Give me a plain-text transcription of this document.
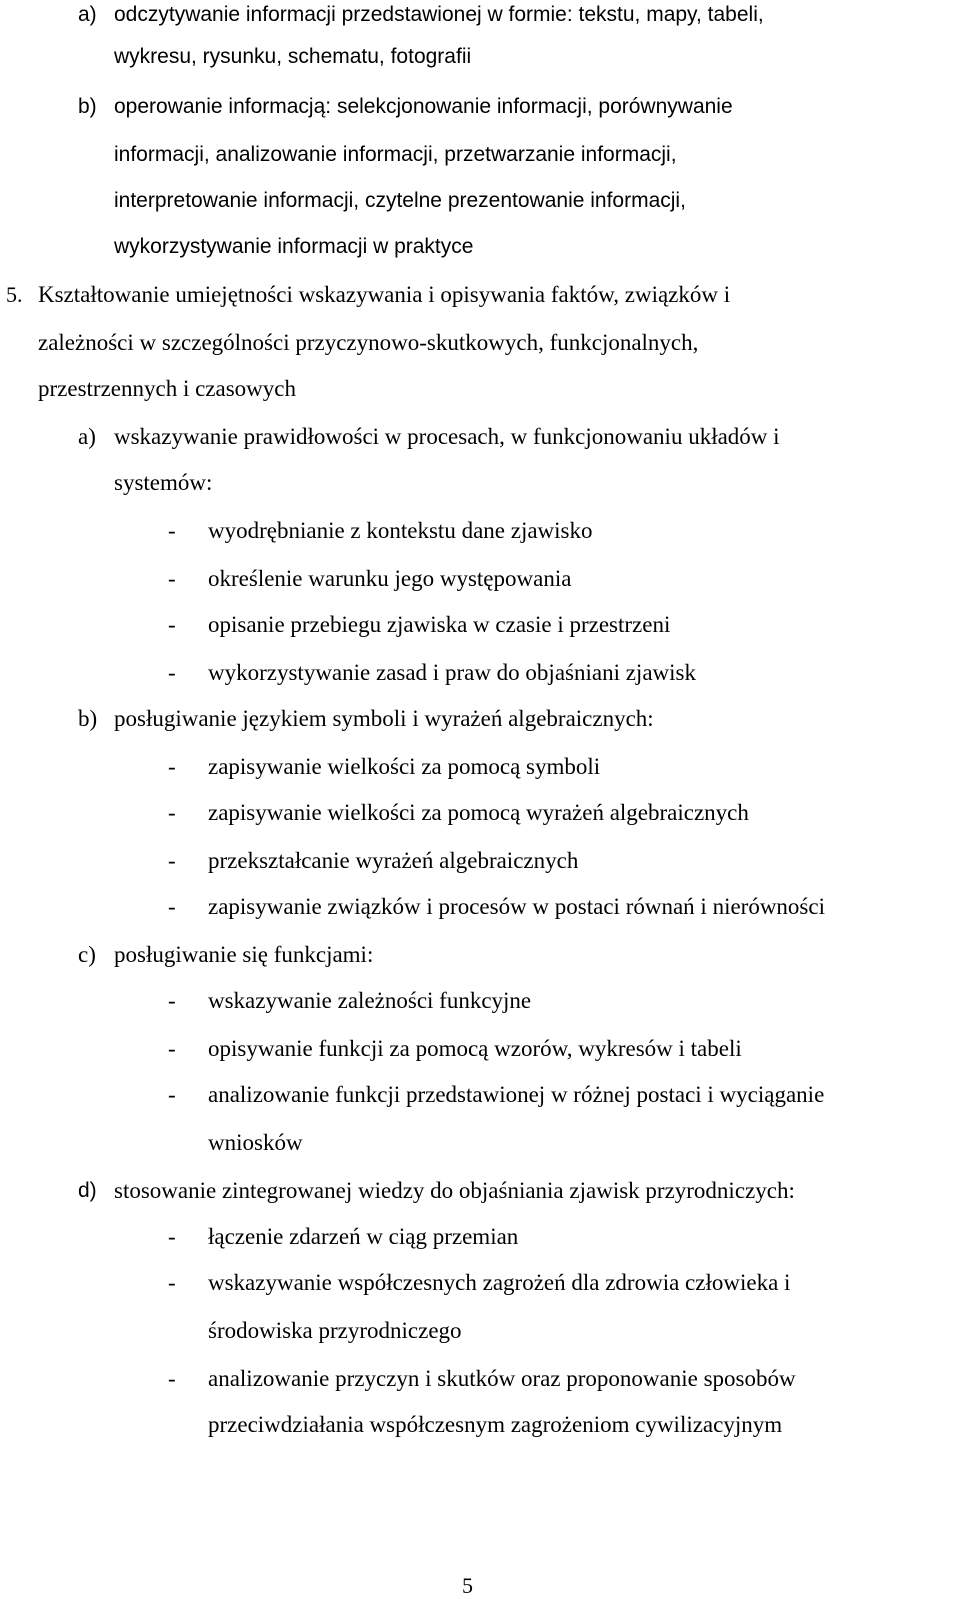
a) odczytywanie informacji przedstawionej w formie: tekstu, mapy, tabeli,
wykresu, rysunku, schematu, fotografii
b) operowanie informacją: selekcjonowanie informacji, porównywanie
informacji, analizowanie informacji, przetwarzanie informacji,
interpretowanie informacji, czytelne prezentowanie informacji,
wykorzystywanie informacji w praktyce
5. Kształtowanie umiejętności wskazywania i opisywania faktów, związków i
zależności w szczególności przyczynowo-skutkowych, funkcjonalnych,
przestrzennych i czasowych
a) wskazywanie prawidłowości w procesach, w funkcjonowaniu układów i
systemów:
- wyodrębnianie z kontekstu dane zjawisko
- określenie warunku jego występowania
- opisanie przebiegu zjawiska w czasie i przestrzeni
- wykorzystywanie zasad i praw do objaśniani zjawisk
b) posługiwanie językiem symboli i wyrażeń algebraicznych:
- zapisywanie wielkości za pomocą symboli
- zapisywanie wielkości za pomocą wyrażeń algebraicznych
- przekształcanie wyrażeń algebraicznych
- zapisywanie związków i procesów w postaci równań i nierówności
c) posługiwanie się funkcjami:
- wskazywanie zależności funkcyjne
- opisywanie funkcji za pomocą wzorów, wykresów i tabeli
- analizowanie funkcji przedstawionej w różnej postaci i wyciąganie
wniosków
d) stosowanie zintegrowanej wiedzy do objaśniania zjawisk przyrodniczych:
- łączenie zdarzeń w ciąg przemian
- wskazywanie współczesnych zagrożeń dla zdrowia człowieka i
środowiska przyrodniczego
- analizowanie przyczyn i skutków oraz proponowanie sposobów
przeciwdziałania współczesnym zagrożeniom cywilizacyjnym
5
